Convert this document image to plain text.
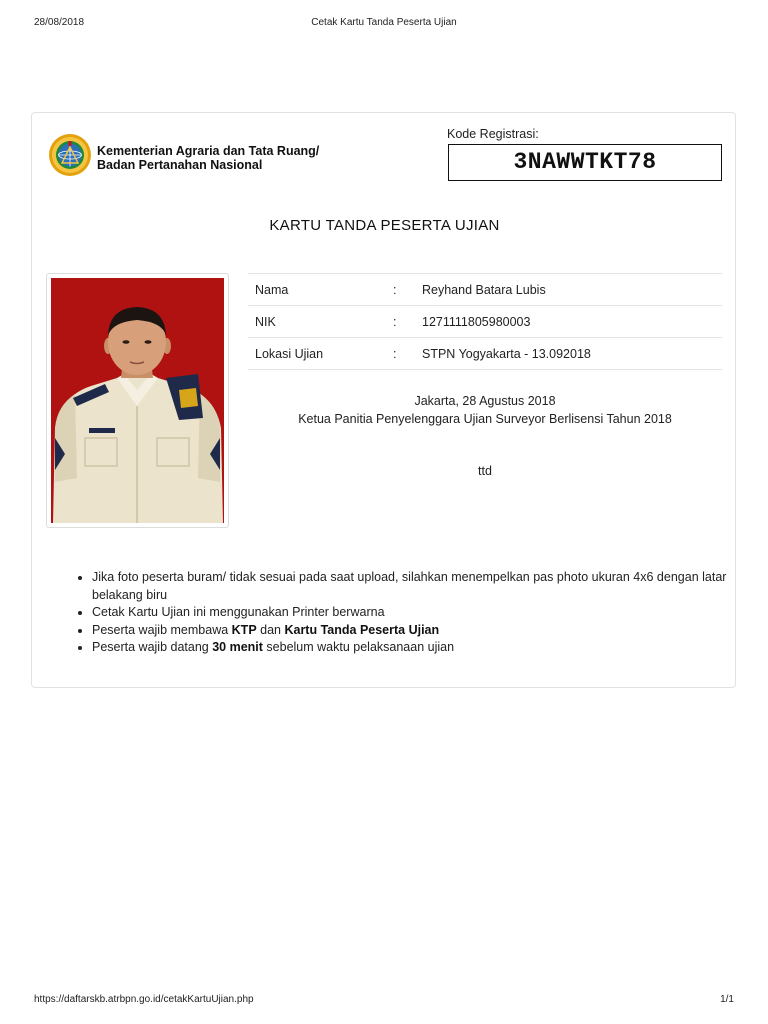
28/08/2018	Cetak Kartu Tanda Peserta Ujian
Kementerian Agraria dan Tata Ruang/
Badan Pertanahan Nasional
Kode Registrasi:
3NAWWTKT78
KARTU TANDA PESERTA UJIAN
Nama	:	Reyhand Batara Lubis
NIK	:	1271111805980003
Lokasi Ujian	:	STPN Yogyakarta - 13.092018
Jakarta, 28 Agustus 2018
Ketua Panitia Penyelenggara Ujian Surveyor Berlisensi Tahun 2018
ttd
• Jika foto peserta buram/ tidak sesuai pada saat upload, silahkan menempelkan pas photo ukuran 4x6 dengan latar belakang biru
• Cetak Kartu Ujian ini menggunakan Printer berwarna
• Peserta wajib membawa KTP dan Kartu Tanda Peserta Ujian
• Peserta wajib datang 30 menit sebelum waktu pelaksanaan ujian
https://daftarskb.atrbpn.go.id/cetakKartuUjian.php	1/1
